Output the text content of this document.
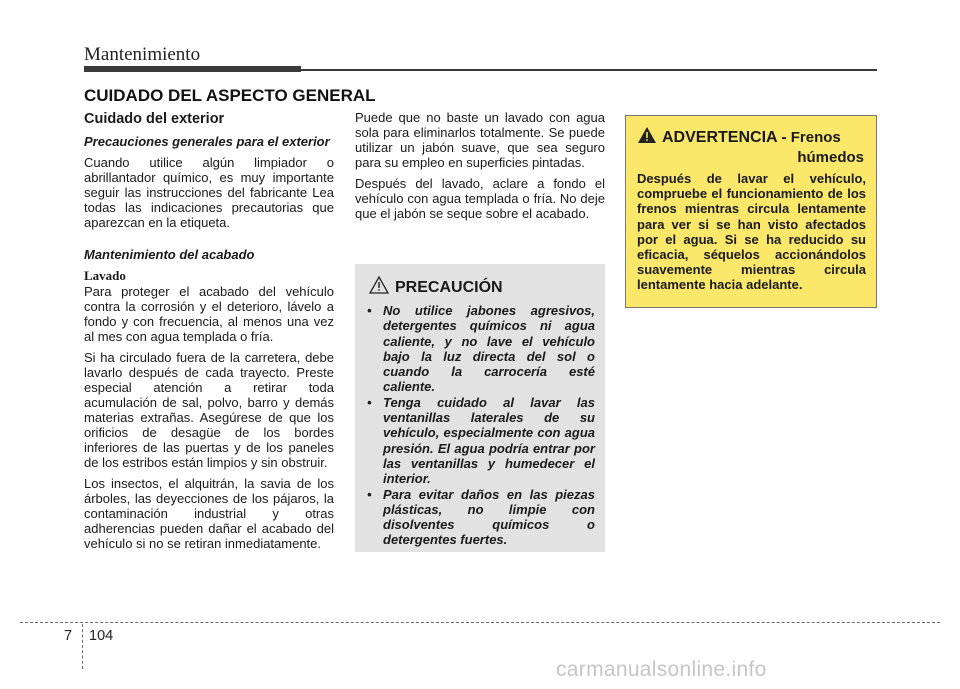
Mantenimiento
CUIDADO DEL ASPECTO GENERAL
Cuidado del exterior
Precauciones generales para el exterior
Cuando utilice algún limpiador o abrillantador químico, es muy importante seguir las instrucciones del fabricante Lea todas las indicaciones precautorias que aparezcan en la etiqueta.
Mantenimiento del acabado
Lavado
Para proteger el acabado del vehículo contra la corrosión y el deterioro, lávelo a fondo y con frecuencia, al menos una vez al mes con agua templada o fría.
Si ha circulado fuera de la carretera, debe lavarlo después de cada trayecto. Preste especial atención a retirar toda acumulación de sal, polvo, barro y demás materias extrañas. Asegúrese de que los orificios de desagüe de los bordes inferiores de las puertas y de los paneles de los estribos están limpios y sin obstruir.
Los insectos, el alquitrán, la savia de los árboles, las deyecciones de los pájaros, la contaminación industrial y otras adherencias pueden dañar el acabado del vehículo si no se retiran inmediatamente.
Puede que no baste un lavado con agua sola para eliminarlos totalmente. Se puede utilizar un jabón suave, que sea seguro para su empleo en superficies pintadas.
Después del lavado, aclare a fondo el vehículo con agua templada o fría. No deje que el jabón se seque sobre el acabado.
PRECAUCIÓN
• No utilice jabones agresivos, detergentes químicos ni agua caliente, y no lave el vehículo bajo la luz directa del sol o cuando la carrocería esté caliente.
• Tenga cuidado al lavar las ventanillas laterales de su vehículo, especialmente con agua presión. El agua podría entrar por las ventanillas y humedecer el interior.
• Para evitar daños en las piezas plásticas, no limpie con disolventes químicos o detergentes fuertes.
ADVERTENCIA - Frenos
húmedos
Después de lavar el vehículo, compruebe el funcionamiento de los frenos mientras circula lentamente para ver si se han visto afectados por el agua. Si se ha reducido su eficacia, séquelos accionándolos suavemente mientras circula lentamente hacia adelante.
7 104
carmanualsonline.info
